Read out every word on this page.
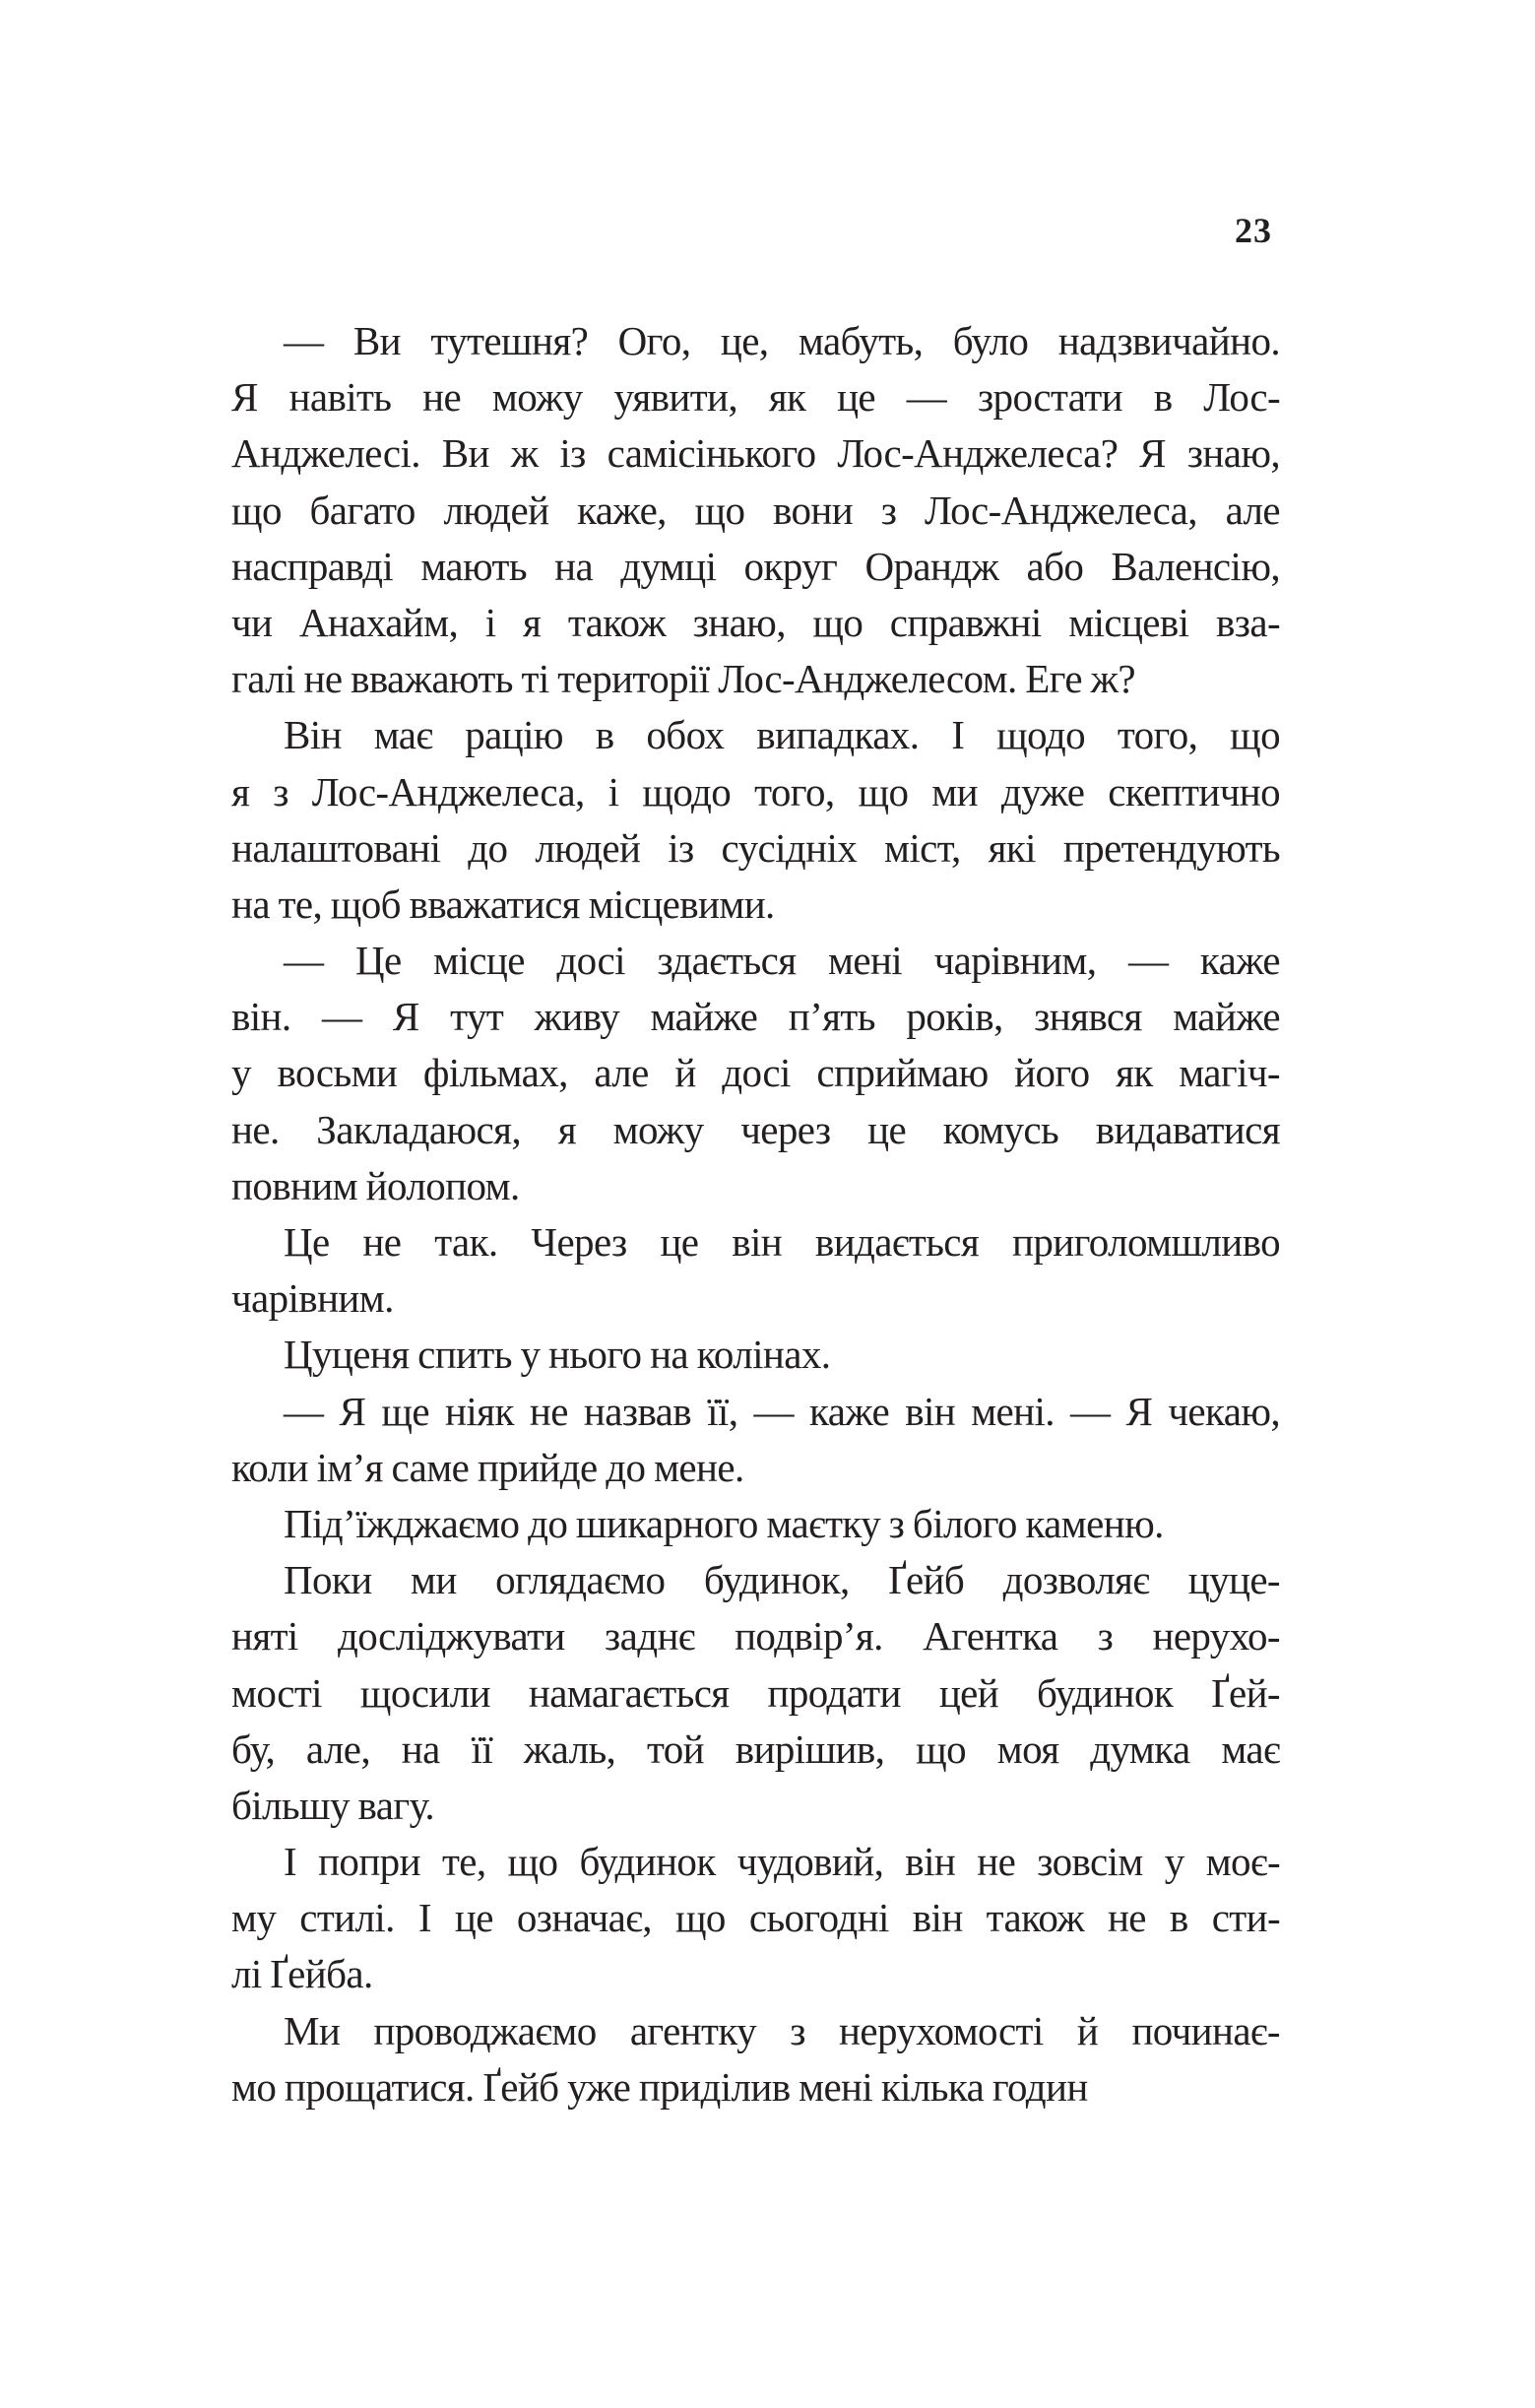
23
— Ви тутешня? Ого, це, мабуть, було надзвичайно.
Я навіть не можу уявити, як це — зростати в Лос-
Анджелесі. Ви ж із самісінького Лос-Анджелеса? Я знаю,
що багато людей каже, що вони з Лос-Анджелеса, але
насправді мають на думці округ Орандж або Валенсію,
чи Анахайм, і я також знаю, що справжні місцеві вза-
галі не вважають ті території Лос-Анджелесом. Еге ж?
Він має рацію в обох випадках. І щодо того, що
я з Лос-Анджелеса, і щодо того, що ми дуже скептично
налаштовані до людей із сусідніх міст, які претендують
на те, щоб вважатися місцевими.
— Це місце досі здається мені чарівним, — каже
він. — Я тут живу майже п’ять років, знявся майже
у восьми фільмах, але й досі сприймаю його як магіч-
не. Закладаюся, я можу через це комусь видаватися
повним йолопом.
Це не так. Через це він видається приголомшливо
чарівним.
Цуценя спить у нього на колінах.
— Я ще ніяк не назвав її, — каже він мені. — Я чекаю,
коли ім’я саме прийде до мене.
Під’їжджаємо до шикарного маєтку з білого каменю.
Поки ми оглядаємо будинок, Ґейб дозволяє цуце-
няті досліджувати заднє подвір’я. Агентка з нерухо-
мості щосили намагається продати цей будинок Ґей-
бу, але, на її жаль, той вирішив, що моя думка має
більшу вагу.
І попри те, що будинок чудовий, він не зовсім у моє-
му стилі. І це означає, що сьогодні він також не в сти-
лі Ґейба.
Ми проводжаємо агентку з нерухомості й починає-
мо прощатися. Ґейб уже приділив мені кілька годин
